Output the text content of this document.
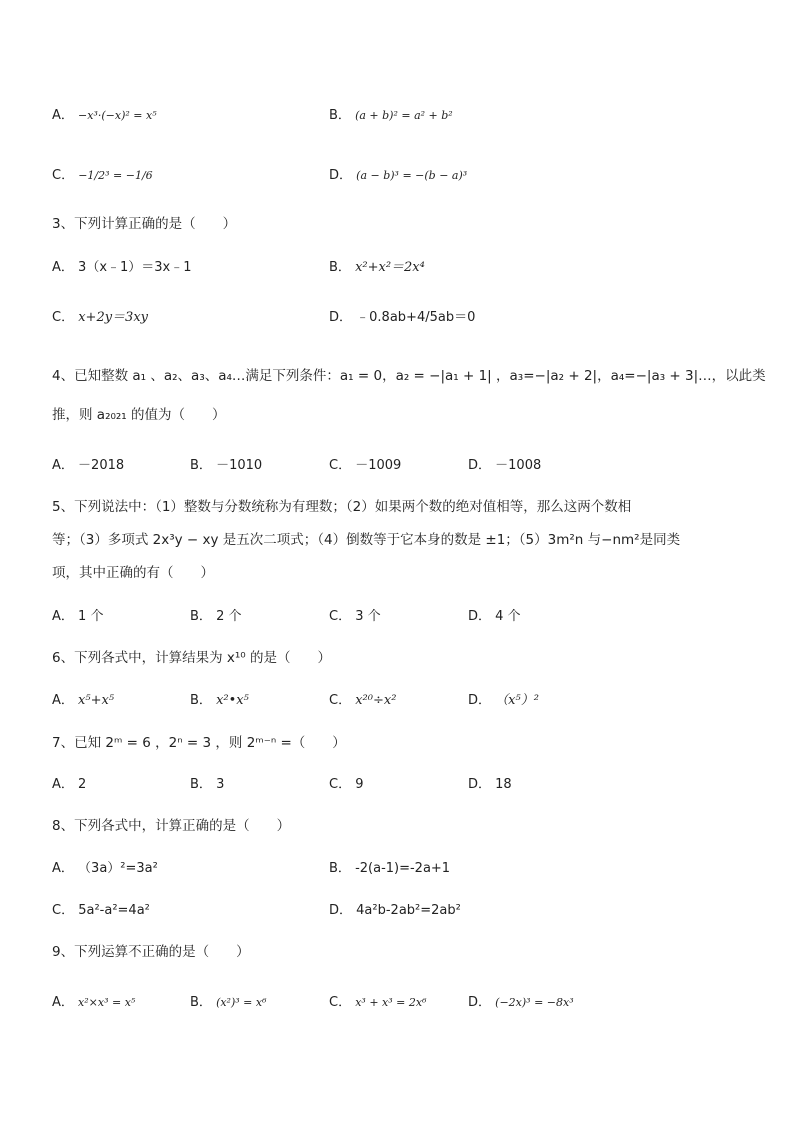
A． −x³·(−x)² = x⁵	B． (a + b)² = a² + b²
C． −1/2³ = −1/6	D． (a − b)³ = −(b − a)³
3、下列计算正确的是（　　）
A． 3（x﹣1）＝3x﹣1	B． x²+x²＝2x⁴
C． x+2y＝3xy	D． ﹣0.8ab+4/5ab＝0
4、已知整数 a₁ 、a₂、a₃、a₄…满足下列条件：a₁ = 0，a₂ = −|a₁ + 1| ，a₃=−|a₂ + 2|，a₄=−|a₃ + 3|…，以此类
推，则 a₂₀₂₁ 的值为（　　）
A． －2018	B． －1010	C． －1009	D． －1008
5、下列说法中：（1）整数与分数统称为有理数；（2）如果两个数的绝对值相等，那么这两个数相
等；（3）多项式 2x³y − xy 是五次二项式；（4）倒数等于它本身的数是 ±1；（5）3m²n 与−nm²是同类
项，其中正确的有（　　）
A． 1 个	B． 2 个	C． 3 个	D． 4 个
6、下列各式中，计算结果为 x¹⁰ 的是（　　）
A． x⁵+x⁵	B． x²•x⁵	C． x²⁰÷x²	D． （x⁵）²
7、已知 2ᵐ = 6 ，2ⁿ = 3 ，则 2ᵐ⁻ⁿ =（　　）
A． 2	B． 3	C． 9	D． 18
8、下列各式中，计算正确的是（　　）
A． （3a）²=3a²	B． -2(a-1)=-2a+1
C． 5a²-a²=4a²	D． 4a²b-2ab²=2ab²
9、下列运算不正确的是（　　）
A． x²×x³ = x⁵	B． (x²)³ = x⁶	C． x³ + x³ = 2x⁶	D． (−2x)³ = −8x³
